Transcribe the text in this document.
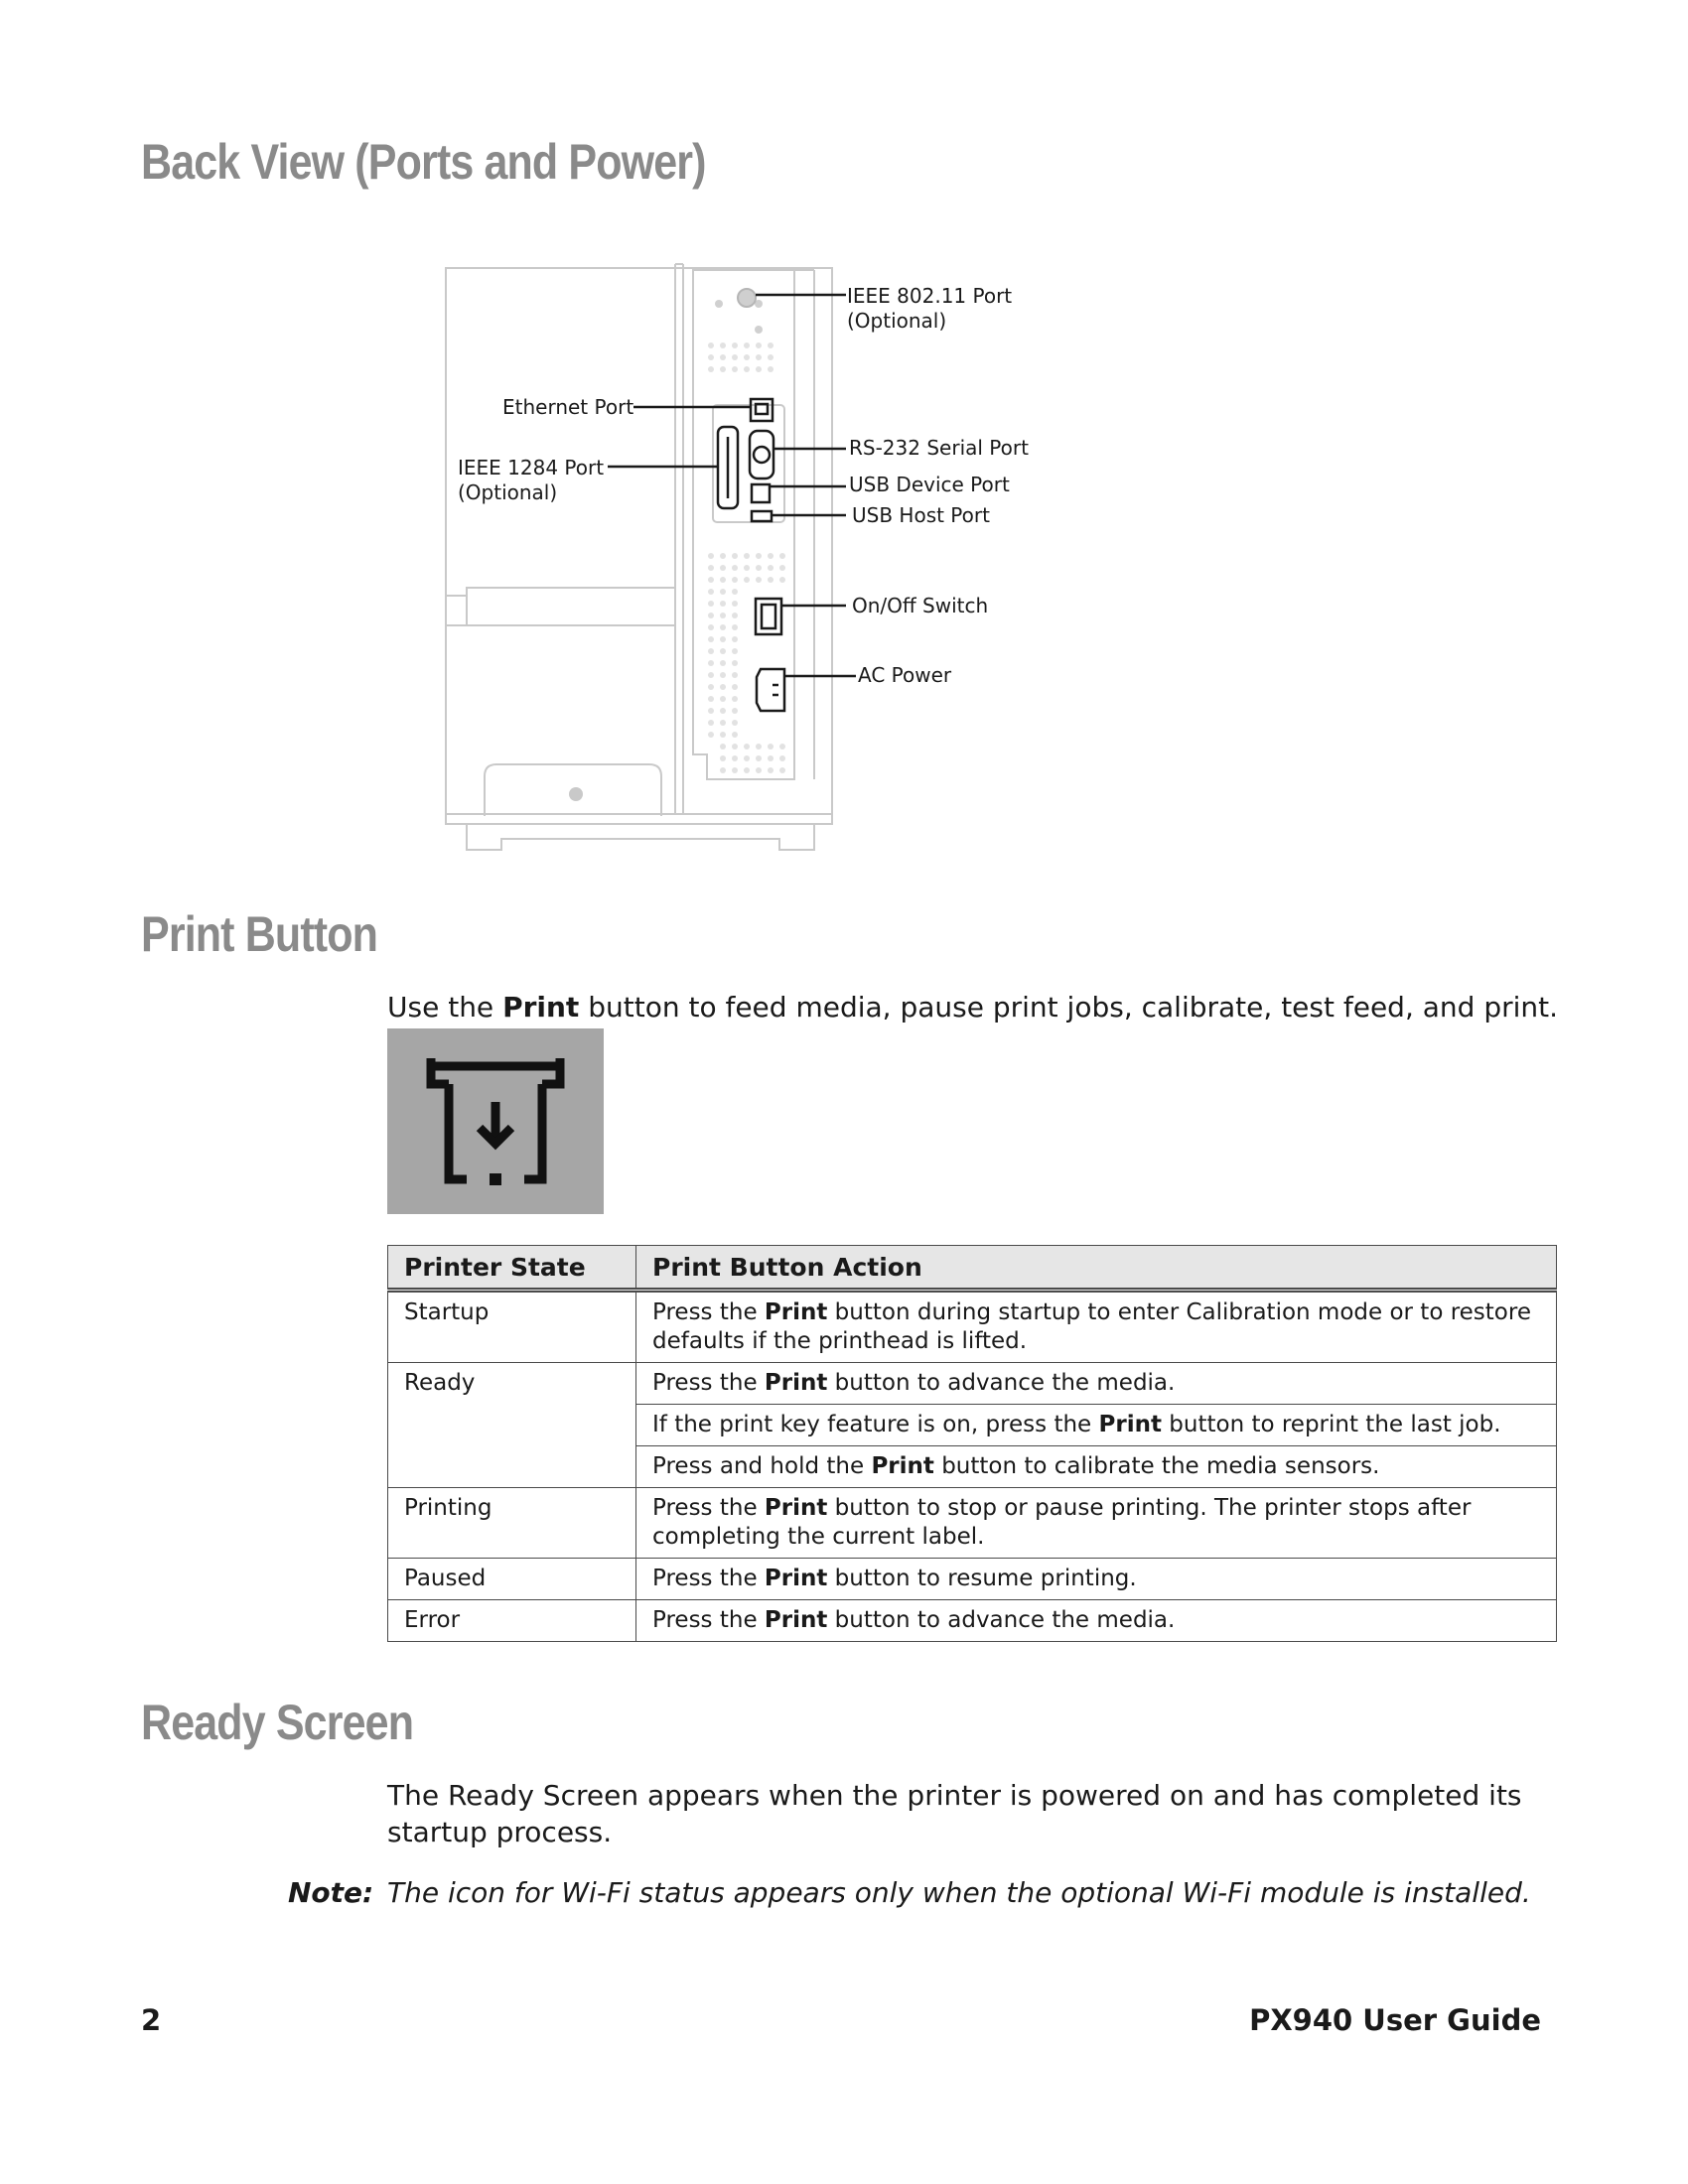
Back View (Ports and Power)
IEEE 802.11 Port
(Optional)
Ethernet Port
IEEE 1284 Port
(Optional)
RS-232 Serial Port
USB Device Port
USB Host Port
On/Off Switch
AC Power
Print Button

Use the Print button to feed media, pause print jobs, calibrate, test feed, and print.

Printer State	Print Button Action
Startup	Press the Print button during startup to enter Calibration mode or to restore defaults if the printhead is lifted.
Ready	Press the Print button to advance the media.
	If the print key feature is on, press the Print button to reprint the last job.
	Press and hold the Print button to calibrate the media sensors.
Printing	Press the Print button to stop or pause printing. The printer stops after completing the current label.
Paused	Press the Print button to resume printing.
Error	Press the Print button to advance the media.
Ready Screen

The Ready Screen appears when the printer is powered on and has completed its startup process.

Note: The icon for Wi-Fi status appears only when the optional Wi-Fi module is installed.

2	PX940 User Guide
